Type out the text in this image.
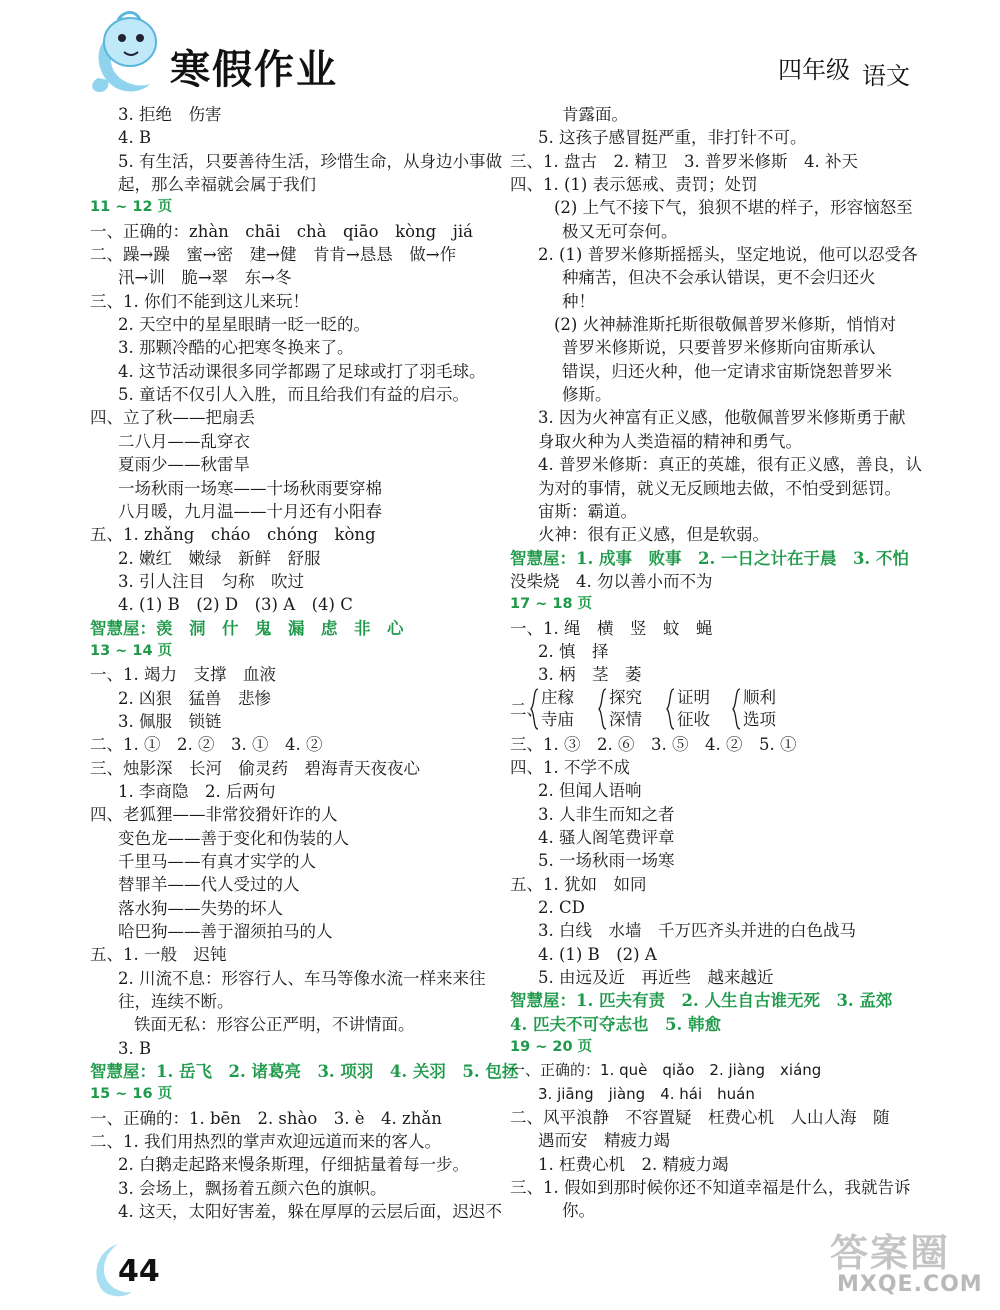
寒假作业	四年级 语文
3. 拒绝　伤害
4. B
5. 有生活，只要善待生活，珍惜生命，从身边小事做
起，那么幸福就会属于我们
11 ~ 12 页
一、正确的：zhàn　chāi　chà　qiāo　kòng　jiá
二、躁→躁　蜜→密　建→健　肯肯→恳恳　做→作
汛→训　脆→翠　东→冬
三、1. 你们不能到这儿来玩！
2. 天空中的星星眼睛一眨一眨的。
3. 那颗冷酷的心把寒冬换来了。
4. 这节活动课很多同学都踢了足球或打了羽毛球。
5. 童话不仅引人入胜，而且给我们有益的启示。
四、立了秋——把扇丢
二八月——乱穿衣
夏雨少——秋雷旱
一场秋雨一场寒——十场秋雨要穿棉
八月暖，九月温——十月还有小阳春
五、1. zhǎng　cháo　chóng　kòng
2. 嫩红　嫩绿　新鲜　舒服
3. 引人注目　匀称　吹过
4. (1) B　(2) D　(3) A　(4) C
智慧屋：羡　洞　什　鬼　漏　虑　非　心
13 ~ 14 页
一、1. 竭力　支撑　血液
2. 凶狠　猛兽　悲惨
3. 佩服　锁链
二、1. ①　2. ②　3. ①　4. ②
三、烛影深　长河　偷灵药　碧海青天夜夜心
1. 李商隐　2. 后两句
四、老狐狸——非常狡猾奸诈的人
变色龙——善于变化和伪装的人
千里马——有真才实学的人
替罪羊——代人受过的人
落水狗——失势的坏人
哈巴狗——善于溜须拍马的人
五、1. 一般　迟钝
2. 川流不息：形容行人、车马等像水流一样来来往
往，连续不断。
铁面无私：形容公正严明，不讲情面。
3. B
智慧屋：1. 岳飞　2. 诸葛亮　3. 项羽　4. 关羽　5. 包拯
15 ~ 16 页
一、正确的：1. bēn　2. shào　3. è　4. zhǎn
二、1. 我们用热烈的掌声欢迎远道而来的客人。
2. 白鹅走起路来慢条斯理，仔细掂量着每一步。
3. 会场上，飘扬着五颜六色的旗帜。
4. 这天，太阳好害羞，躲在厚厚的云层后面，迟迟不
肯露面。
5. 这孩子感冒挺严重，非打针不可。
三、1. 盘古　2. 精卫　3. 普罗米修斯　4. 补天
四、1. (1) 表示惩戒、责罚；处罚
(2) 上气不接下气，狼狈不堪的样子，形容恼怒至
极又无可奈何。
2. (1) 普罗米修斯摇摇头，坚定地说，他可以忍受各
种痛苦，但决不会承认错误，更不会归还火
种！
(2) 火神赫淮斯托斯很敬佩普罗米修斯，悄悄对
普罗米修斯说，只要普罗米修斯向宙斯承认
错误，归还火种，他一定请求宙斯饶恕普罗米
修斯。
3. 因为火神富有正义感，他敬佩普罗米修斯勇于献
身取火种为人类造福的精神和勇气。
4. 普罗米修斯：真正的英雄，很有正义感，善良，认
为对的事情，就义无反顾地去做，不怕受到惩罚。
宙斯：霸道。
火神：很有正义感，但是软弱。
智慧屋：1. 成事　败事　2. 一日之计在于晨　3. 不怕
没柴烧　4. 勿以善小而不为
17 ~ 18 页
一、1. 绳　横　竖　蚊　蝇
2. 慎　择
3. 柄　茎　萎
二、
庄稼
寺庙
探究
深情
证明
征收
顺利
选项
三、1. ③　2. ⑥　3. ⑤　4. ②　5. ①
四、1. 不学不成
2. 但闻人语响
3. 人非生而知之者
4. 骚人阁笔费评章
5. 一场秋雨一场寒
五、1. 犹如　如同
2. CD
3. 白线　水墙　千万匹齐头并进的白色战马
4. (1) B　(2) A
5. 由远及近　再近些　越来越近
智慧屋：1. 匹夫有责　2. 人生自古谁无死　3. 孟郊
4. 匹夫不可夺志也　5. 韩愈
19 ~ 20 页
一、正确的：1. què　qiǎo　2. jiàng　xiáng
3. jiāng　jiàng　4. hái　huán
二、风平浪静　不容置疑　枉费心机　人山人海　随
遇而安　精疲力竭
1. 枉费心机　2. 精疲力竭
三、1. 假如到那时候你还不知道幸福是什么，我就告诉
你。
44	答案圈
MXQE.COM
